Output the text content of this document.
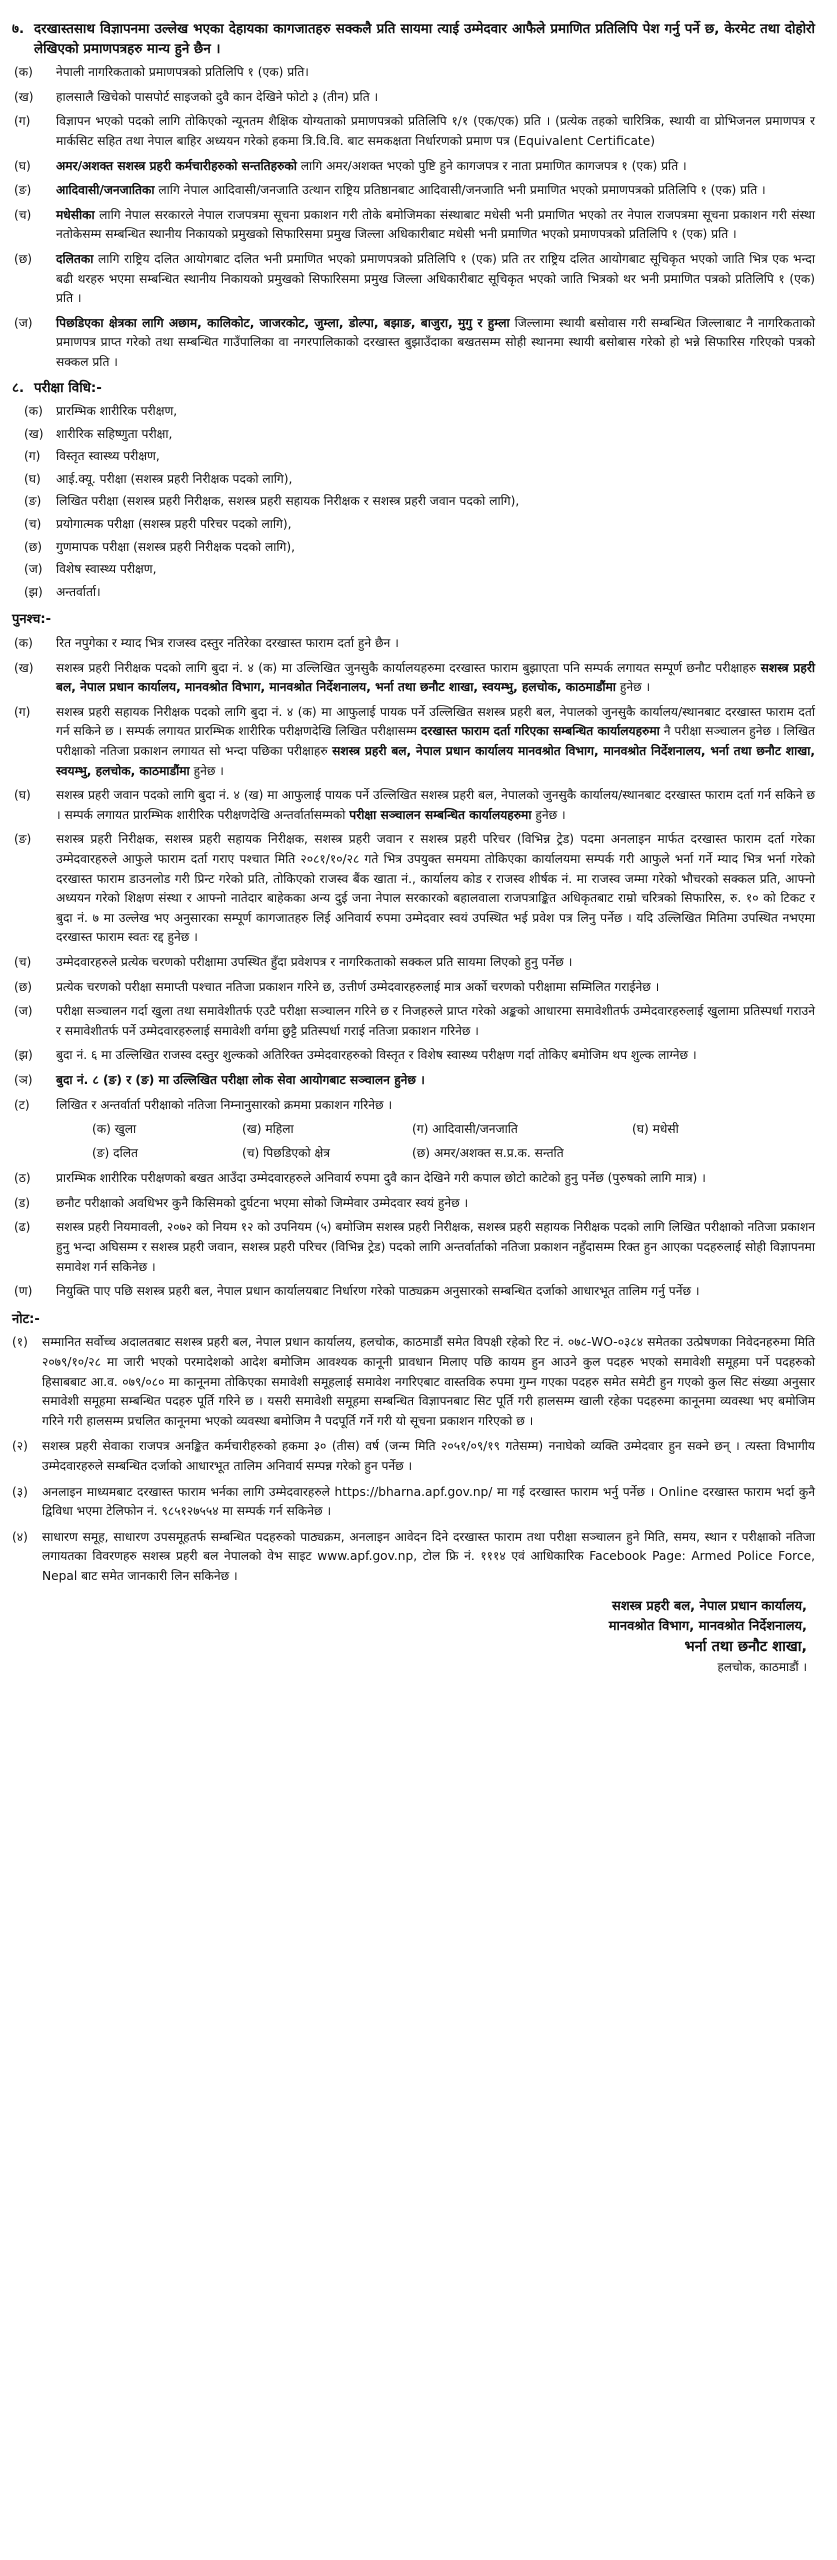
७. दरखास्तसाथ विज्ञापनमा उल्लेख भएका देहायका कागजातहरु सक्कलै प्रति सायमा त्याई उम्मेदवार आफैले प्रमाणित प्रतिलिपि पेश गर्नु पर्ने छ, केरमेट तथा दोहोरो लेखिएको प्रमाणपत्रहरु मान्य हुने छैन ।
(क)	नेपाली नागरिकताको प्रमाणपत्रको प्रतिलिपि १ (एक) प्रति।
(ख)	हालसालै खिचेको पासपोर्ट साइजको दुवै कान देखिने फोटो ३ (तीन) प्रति ।
(ग)	विज्ञापन भएको पदको लागि तोकिएको न्यूनतम शैक्षिक योग्यताको प्रमाणपत्रको प्रतिलिपि १/१ (एक/एक) प्रति । (प्रत्येक तहको चारित्रिक, स्थायी वा प्रोभिजनल प्रमाणपत्र र मार्कसिट सहित तथा नेपाल बाहिर अध्ययन गरेको हकमा त्रि.वि.वि. बाट समकक्षता निर्धारणको प्रमाण पत्र (Equivalent Certificate)
(घ)	अमर/अशक्त सशस्त्र प्रहरी कर्मचारीहरुको सन्ततिहरुको लागि अमर/अशक्त भएको पुष्टि हुने कागजपत्र र नाता प्रमाणित कागजपत्र १ (एक) प्रति ।
(ङ)	आदिवासी/जनजातिका लागि नेपाल आदिवासी/जनजाति उत्थान राष्ट्रिय प्रतिष्ठानबाट आदिवासी/जनजाति भनी प्रमाणित भएको प्रमाणपत्रको प्रतिलिपि १ (एक) प्रति ।
(च)	मधेसीका लागि नेपाल सरकारले नेपाल राजपत्रमा सूचना प्रकाशन गरी तोके बमोजिमका संस्थाबाट मधेसी भनी प्रमाणित भएको तर नेपाल राजपत्रमा सूचना प्रकाशन गरी संस्था नतोकेसम्म सम्बन्धित स्थानीय निकायको प्रमुखको सिफारिसमा प्रमुख जिल्ला अधिकारीबाट मधेसी भनी प्रमाणित भएको प्रमाणपत्रको प्रतिलिपि १ (एक) प्रति ।
(छ)	दलितका लागि राष्ट्रिय दलित आयोगबाट दलित भनी प्रमाणित भएको प्रमाणपत्रको प्रतिलिपि १ (एक) प्रति तर राष्ट्रिय दलित आयोगबाट सूचिकृत भएको जाति भित्र एक भन्दा बढी थरहरु भएमा सम्बन्धित स्थानीय निकायको प्रमुखको सिफारिसमा प्रमुख जिल्ला अधिकारीबाट सूचिकृत भएको जाति भित्रको थर भनी प्रमाणित पत्रको प्रतिलिपि १ (एक) प्रति ।
(ज)	पिछडिएका क्षेत्रका लागि अछाम, कालिकोट, जाजरकोट, जुम्ला, डोल्पा, बझाङ, बाजुरा, मुगु र हुम्ला जिल्लामा स्थायी बसोवास गरी सम्बन्धित जिल्लाबाट नै नागरिकताको प्रमाणपत्र प्राप्त गरेको तथा सम्बन्धित गाउँपालिका वा नगरपालिकाको दरखास्त बुझाउँदाका बखतसम्म सोही स्थानमा स्थायी बसोबास गरेको हो भन्ने सिफारिस गरिएको पत्रको सक्कल प्रति ।
८. परीक्षा विधि:-
(क)	प्रारम्भिक शारीरिक परीक्षण,
(ख)	शारीरिक सहिष्णुता परीक्षा,
(ग)	विस्तृत स्वास्थ्य परीक्षण,
(घ)	आई.क्यू. परीक्षा (सशस्त्र प्रहरी निरीक्षक पदको लागि),
(ङ)	लिखित परीक्षा (सशस्त्र प्रहरी निरीक्षक, सशस्त्र प्रहरी सहायक निरीक्षक र सशस्त्र प्रहरी जवान पदको लागि),
(च)	प्रयोगात्मक परीक्षा (सशस्त्र प्रहरी परिचर पदको लागि),
(छ)	गुणमापक परीक्षा (सशस्त्र प्रहरी निरीक्षक पदको लागि),
(ज)	विशेष स्वास्थ्य परीक्षण,
(झ)	अन्तर्वार्ता।
पुनश्च:-
(क)	रित नपुगेका र म्याद भित्र राजस्व दस्तुर नतिरेका दरखास्त फाराम दर्ता हुने छैन ।
(ख)	सशस्त्र प्रहरी निरीक्षक पदको लागि बुदा नं. ४ (क) मा उल्लिखित जुनसुकै कार्यालयहरुमा दरखास्त फाराम बुझाएता पनि सम्पर्क लगायत सम्पूर्ण छनौट परीक्षाहरु सशस्त्र प्रहरी बल, नेपाल प्रधान कार्यालय, मानवश्रोत विभाग, मानवश्रोत निर्देशनालय, भर्ना तथा छनौट शाखा, स्वयम्भु, हलचोक, काठमाडौंमा हुनेछ ।
(ग)	सशस्त्र प्रहरी सहायक निरीक्षक पदको लागि बुदा नं. ४ (क) मा आफुलाई पायक पर्ने उल्लिखित सशस्त्र प्रहरी बल, नेपालको जुनसुकै कार्यालय/स्थानबाट दरखास्त फाराम दर्ता गर्न सकिने छ । सम्पर्क लगायत प्रारम्भिक शारीरिक परीक्षणदेखि लिखित परीक्षासम्म दरखास्त फाराम दर्ता गरिएका सम्बन्धित कार्यालयहरुमा नै परीक्षा सञ्चालन हुनेछ । लिखित परीक्षाको नतिजा प्रकाशन लगायत सो भन्दा पछिका परीक्षाहरु सशस्त्र प्रहरी बल, नेपाल प्रधान कार्यालय मानवश्रोत विभाग, मानवश्रोत निर्देशनालय, भर्ना तथा छनौट शाखा, स्वयम्भु, हलचोक, काठमाडौंमा हुनेछ ।
(घ)	सशस्त्र प्रहरी जवान पदको लागि बुदा नं. ४ (ख) मा आफुलाई पायक पर्ने उल्लिखित सशस्त्र प्रहरी बल, नेपालको जुनसुकै कार्यालय/स्थानबाट दरखास्त फाराम दर्ता गर्न सकिने छ । सम्पर्क लगायत प्रारम्भिक शारीरिक परीक्षणदेखि अन्तर्वार्तासम्मको परीक्षा सञ्चालन सम्बन्धित कार्यालयहरुमा हुनेछ ।
(ङ)	सशस्त्र प्रहरी निरीक्षक, सशस्त्र प्रहरी सहायक निरीक्षक, सशस्त्र प्रहरी जवान र सशस्त्र प्रहरी परिचर (विभिन्न ट्रेड) पदमा अनलाइन मार्फत दरखास्त फाराम दर्ता गरेका उम्मेदवारहरुले आफुले फाराम दर्ता गराए पश्चात मिति २०८१/१०/२८ गते भित्र उपयुक्त समयमा तोकिएका कार्यालयमा सम्पर्क गरी आफुले भर्ना गर्ने म्याद भित्र भर्ना गरेको दरखास्त फाराम डाउनलोड गरी प्रिन्ट गरेको प्रति, तोकिएको राजस्व बैंक खाता नं., कार्यालय कोड र राजस्व शीर्षक नं. मा राजस्व जम्मा गरेको भौचरको सक्कल प्रति, आफ्नो अध्ययन गरेको शिक्षण संस्था र आफ्नो नातेदार बाहेकका अन्य दुई जना नेपाल सरकारको बहालवाला राजपत्राङ्कित अधिकृतबाट राम्रो चरित्रको सिफारिस, रु. १० को टिकट र बुदा नं. ७ मा उल्लेख भए अनुसारका सम्पूर्ण कागजातहरु लिई अनिवार्य रुपमा उम्मेदवार स्वयं उपस्थित भई प्रवेश पत्र लिनु पर्नेछ । यदि उल्लिखित मितिमा उपस्थित नभएमा दरखास्त फाराम स्वतः रद्द हुनेछ ।
(च)	उम्मेदवारहरुले प्रत्येक चरणको परीक्षामा उपस्थित हुँदा प्रवेशपत्र र नागरिकताको सक्कल प्रति सायमा लिएको हुनु पर्नेछ ।
(छ)	प्रत्येक चरणको परीक्षा समाप्ती पश्चात नतिजा प्रकाशन गरिने छ, उत्तीर्ण उम्मेदवारहरुलाई मात्र अर्को चरणको परीक्षामा सम्मिलित गराईनेछ ।
(ज)	परीक्षा सञ्चालन गर्दा खुला तथा समावेशीतर्फ एउटै परीक्षा सञ्चालन गरिने छ र निजहरुले प्राप्त गरेको अङ्कको आधारमा समावेशीतर्फ उम्मेदवारहरुलाई खुलामा प्रतिस्पर्धा गराउने र समावेशीतर्फ पर्ने उम्मेदवारहरुलाई समावेशी वर्गमा छुट्टै प्रतिस्पर्धा गराई नतिजा प्रकाशन गरिनेछ ।
(झ)	बुदा नं. ६ मा उल्लिखित राजस्व दस्तुर शुल्कको अतिरिक्त उम्मेदवारहरुको विस्तृत र विशेष स्वास्थ्य परीक्षण गर्दा तोकिए बमोजिम थप शुल्क लाग्नेछ ।
(ञ)	बुदा नं. ८ (ङ) र (ङ) मा उल्लिखित परीक्षा लोक सेवा आयोगबाट सञ्चालन हुनेछ ।
(ट)	लिखित र अन्तर्वार्ता परीक्षाको नतिजा निम्नानुसारको क्रममा प्रकाशन गरिनेछ ।
(क) खुला	(ख) महिला	(ग) आदिवासी/जनजाति	(घ) मधेसी
(ङ) दलित	(च) पिछडिएको क्षेत्र	(छ) अमर/अशक्त स.प्र.क. सन्तति
(ठ)	प्रारम्भिक शारीरिक परीक्षणको बखत आउँदा उम्मेदवारहरुले अनिवार्य रुपमा दुवै कान देखिने गरी कपाल छोटो काटेको हुनु पर्नेछ (पुरुषको लागि मात्र) ।
(ड)	छनौट परीक्षाको अवधिभर कुनै किसिमको दुर्घटना भएमा सोको जिम्मेवार उम्मेदवार स्वयं हुनेछ ।
(ढ)	सशस्त्र प्रहरी नियमावली, २०७२ को नियम १२ को उपनियम (५) बमोजिम सशस्त्र प्रहरी निरीक्षक, सशस्त्र प्रहरी सहायक निरीक्षक पदको लागि लिखित परीक्षाको नतिजा प्रकाशन हुनु भन्दा अघिसम्म र सशस्त्र प्रहरी जवान, सशस्त्र प्रहरी परिचर (विभिन्न ट्रेड) पदको लागि अन्तर्वार्ताको नतिजा प्रकाशन नहुँदासम्म रिक्त हुन आएका पदहरुलाई सोही विज्ञापनमा समावेश गर्न सकिनेछ ।
(ण)	नियुक्ति पाए पछि सशस्त्र प्रहरी बल, नेपाल प्रधान कार्यालयबाट निर्धारण गरेको पाठ्यक्रम अनुसारको सम्बन्धित दर्जाको आधारभूत तालिम गर्नु पर्नेछ ।
नोट:-
(१)	सम्मानित सर्वोच्च अदालतबाट सशस्त्र प्रहरी बल, नेपाल प्रधान कार्यालय, हलचोक, काठमाडौं समेत विपक्षी रहेको रिट नं. ०७८-WO-०३८४ समेतका उत्प्रेषणका निवेदनहरुमा मिति २०७९/१०/२८ मा जारी भएको परमादेशको आदेश बमोजिम आवश्यक कानूनी प्रावधान मिलाए पछि कायम हुन आउने कुल पदहरु भएको समावेशी समूहमा पर्ने पदहरुको हिसाबबाट आ.व. ०७९/०८० मा कानूनमा तोकिएका समावेशी समूहलाई समावेश नगरिएबाट वास्तविक रुपमा गुम्न गएका पदहरु समेत समेटी हुन गएको कुल सिट संख्या अनुसार समावेशी समूहमा सम्बन्धित पदहरु पूर्ति गरिने छ । यसरी समावेशी समूहमा सम्बन्धित विज्ञापनबाट सिट पूर्ति गरी हालसम्म खाली रहेका पदहरुमा कानूनमा व्यवस्था भए बमोजिम गरिने गरी हालसम्म प्रचलित कानूनमा भएको व्यवस्था बमोजिम नै पदपूर्ति गर्ने गरी यो सूचना प्रकाशन गरिएको छ ।
(२)	सशस्त्र प्रहरी सेवाका राजपत्र अनङ्कित कर्मचारीहरुको हकमा ३० (तीस) वर्ष (जन्म मिति २०५१/०९/१९ गतेसम्म) ननाघेको व्यक्ति उम्मेदवार हुन सक्ने छन् । त्यस्ता विभागीय उम्मेदवारहरुले सम्बन्धित दर्जाको आधारभूत तालिम अनिवार्य सम्पन्न गरेको हुन पर्नेछ ।
(३)	अनलाइन माध्यमबाट दरखास्त फाराम भर्नका लागि उम्मेदवारहरुले https://bharna.apf.gov.np/ मा गई दरखास्त फाराम भर्नु पर्नेछ । Online दरखास्त फाराम भर्दा कुनै द्विविधा भएमा टेलिफोन नं. ९८५१२७५५४ मा सम्पर्क गर्न सकिनेछ ।
(४)	साधारण समूह, साधारण उपसमूहतर्फ सम्बन्धित पदहरुको पाठ्यक्रम, अनलाइन आवेदन दिने दरखास्त फाराम तथा परीक्षा सञ्चालन हुने मिति, समय, स्थान र परीक्षाको नतिजा लगायतका विवरणहरु सशस्त्र प्रहरी बल नेपालको वेभ साइट www.apf.gov.np, टोल फ्रि नं. १११४ एवं आधिकारिक Facebook Page: Armed Police Force, Nepal बाट समेत जानकारी लिन सकिनेछ ।
सशस्त्र प्रहरी बल, नेपाल प्रधान कार्यालय,
मानवश्रोत विभाग, मानवश्रोत निर्देशनालय,
भर्ना तथा छनौट शाखा,
हलचोक, काठमाडौं ।
